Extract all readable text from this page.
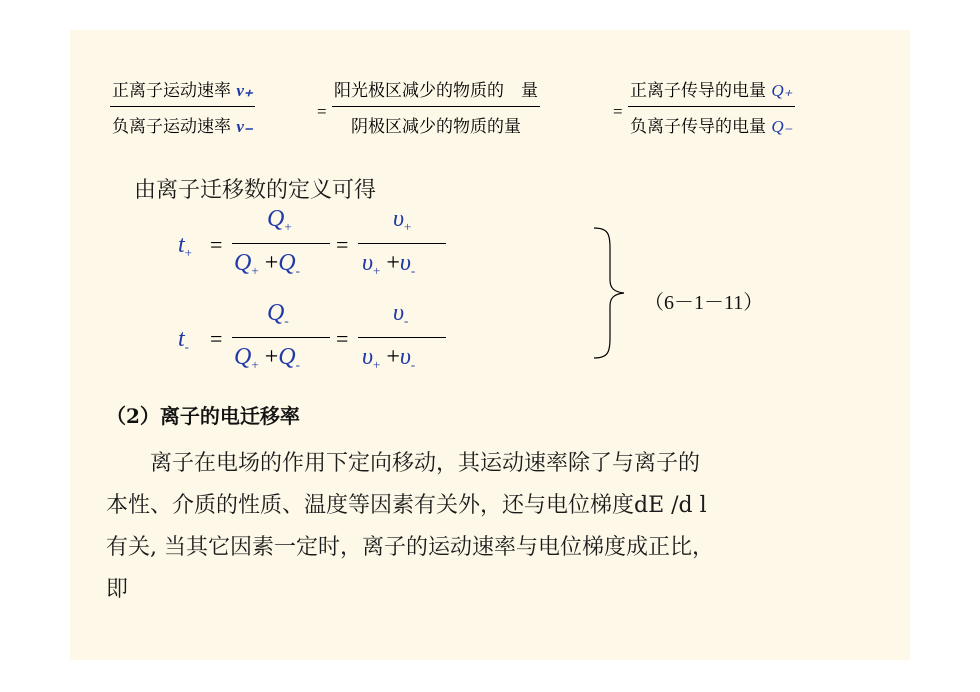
正离子运动速率 v₊
负离子运动速率 v₋
=
阳光极区减少的物质的　量
阴极区减少的物质的量
=
正离子传导的电量 Q₊
负离子传导的电量 Q₋
由离子迁移数的定义可得
$t_+$ =
$Q_+$
$Q_+ +Q_-$
=
$\upsilon_+$
$\upsilon_+ +\upsilon_-$
$t_-$ =
$Q_-$
$Q_+ +Q_-$
=
$\upsilon_-$
$\upsilon_+ +\upsilon_-$
（6－1－11）
（2）离子的电迁移率
离子在电场的作用下定向移动，其运动速率除了与离子的
本性、介质的性质、温度等因素有关外，还与电位梯度dE /d l
有关, 当其它因素一定时，离子的运动速率与电位梯度成正比，
即
